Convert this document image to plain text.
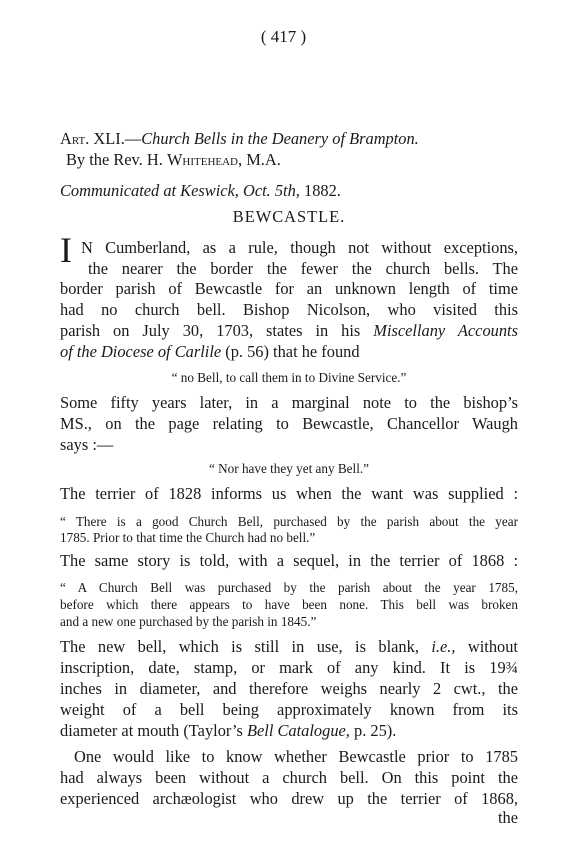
( 417 )
Art. XLI.—Church Bells in the Deanery of Brampton.
By the Rev. H. Whitehead, M.A.
Communicated at Keswick, Oct. 5th, 1882.
BEWCASTLE.
I N Cumberland, as a rule, though not without exceptions,
the nearer the border the fewer the church bells. The
border parish of Bewcastle for an unknown length of time
had no church bell. Bishop Nicolson, who visited this
parish on July 30, 1703, states in his Miscellany Accounts
of the Diocese of Carlile (p. 56) that he found
“ no Bell, to call them in to Divine Service.”
Some fifty years later, in a marginal note to the bishop’s
MS., on the page relating to Bewcastle, Chancellor Waugh
says :—
“ Nor have they yet any Bell.”
The terrier of 1828 informs us when the want was supplied :
“ There is a good Church Bell, purchased by the parish about the year
1785. Prior to that time the Church had no bell.”
The same story is told, with a sequel, in the terrier of 1868 :
“ A Church Bell was purchased by the parish about the year 1785,
before which there appears to have been none. This bell was broken
and a new one purchased by the parish in 1845.”
The new bell, which is still in use, is blank, i.e., without
inscription, date, stamp, or mark of any kind. It is 19¾
inches in diameter, and therefore weighs nearly 2 cwt., the
weight of a bell being approximately known from its
diameter at mouth (Taylor’s Bell Catalogue, p. 25).
One would like to know whether Bewcastle prior to 1785
had always been without a church bell. On this point the
experienced archæologist who drew up the terrier of 1868,
the
